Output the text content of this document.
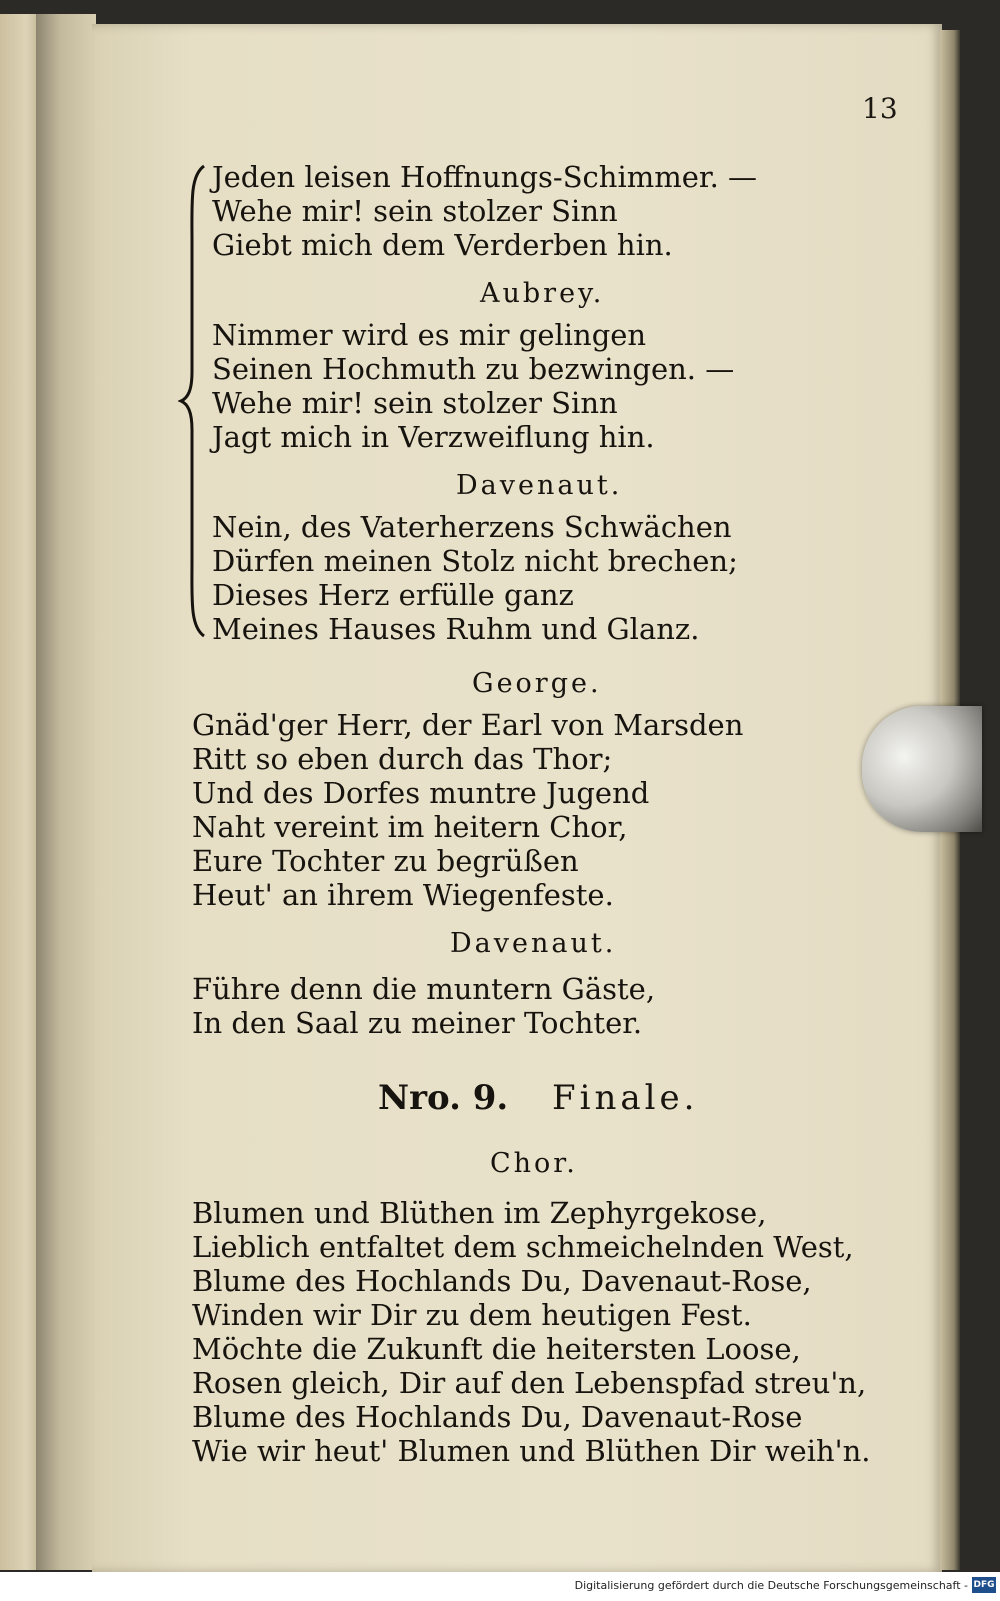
13
Jeden leisen Hoffnungs-Schimmer. —
Wehe mir! sein stolzer Sinn
Giebt mich dem Verderben hin.
Aubrey.
Nimmer wird es mir gelingen
Seinen Hochmuth zu bezwingen. —
Wehe mir! sein stolzer Sinn
Jagt mich in Verzweiflung hin.
Davenaut.
Nein, des Vaterherzens Schwächen
Dürfen meinen Stolz nicht brechen;
Dieses Herz erfülle ganz
Meines Hauses Ruhm und Glanz.
George.
Gnäd'ger Herr, der Earl von Marsden
Ritt so eben durch das Thor;
Und des Dorfes muntre Jugend
Naht vereint im heitern Chor,
Eure Tochter zu begrüßen
Heut' an ihrem Wiegenfeste.
Davenaut.
Führe denn die muntern Gäste,
In den Saal zu meiner Tochter.
Nro. 9.	Finale.
Chor.
Blumen und Blüthen im Zephyrgekose,
Lieblich entfaltet dem schmeichelnden West,
Blume des Hochlands Du, Davenaut-Rose,
Winden wir Dir zu dem heutigen Fest.
Möchte die Zukunft die heitersten Loose,
Rosen gleich, Dir auf den Lebenspfad streu'n,
Blume des Hochlands Du, Davenaut-Rose
Wie wir heut' Blumen und Blüthen Dir weih'n.
Digitalisierung gefördert durch die Deutsche Forschungsgemeinschaft - DFG
